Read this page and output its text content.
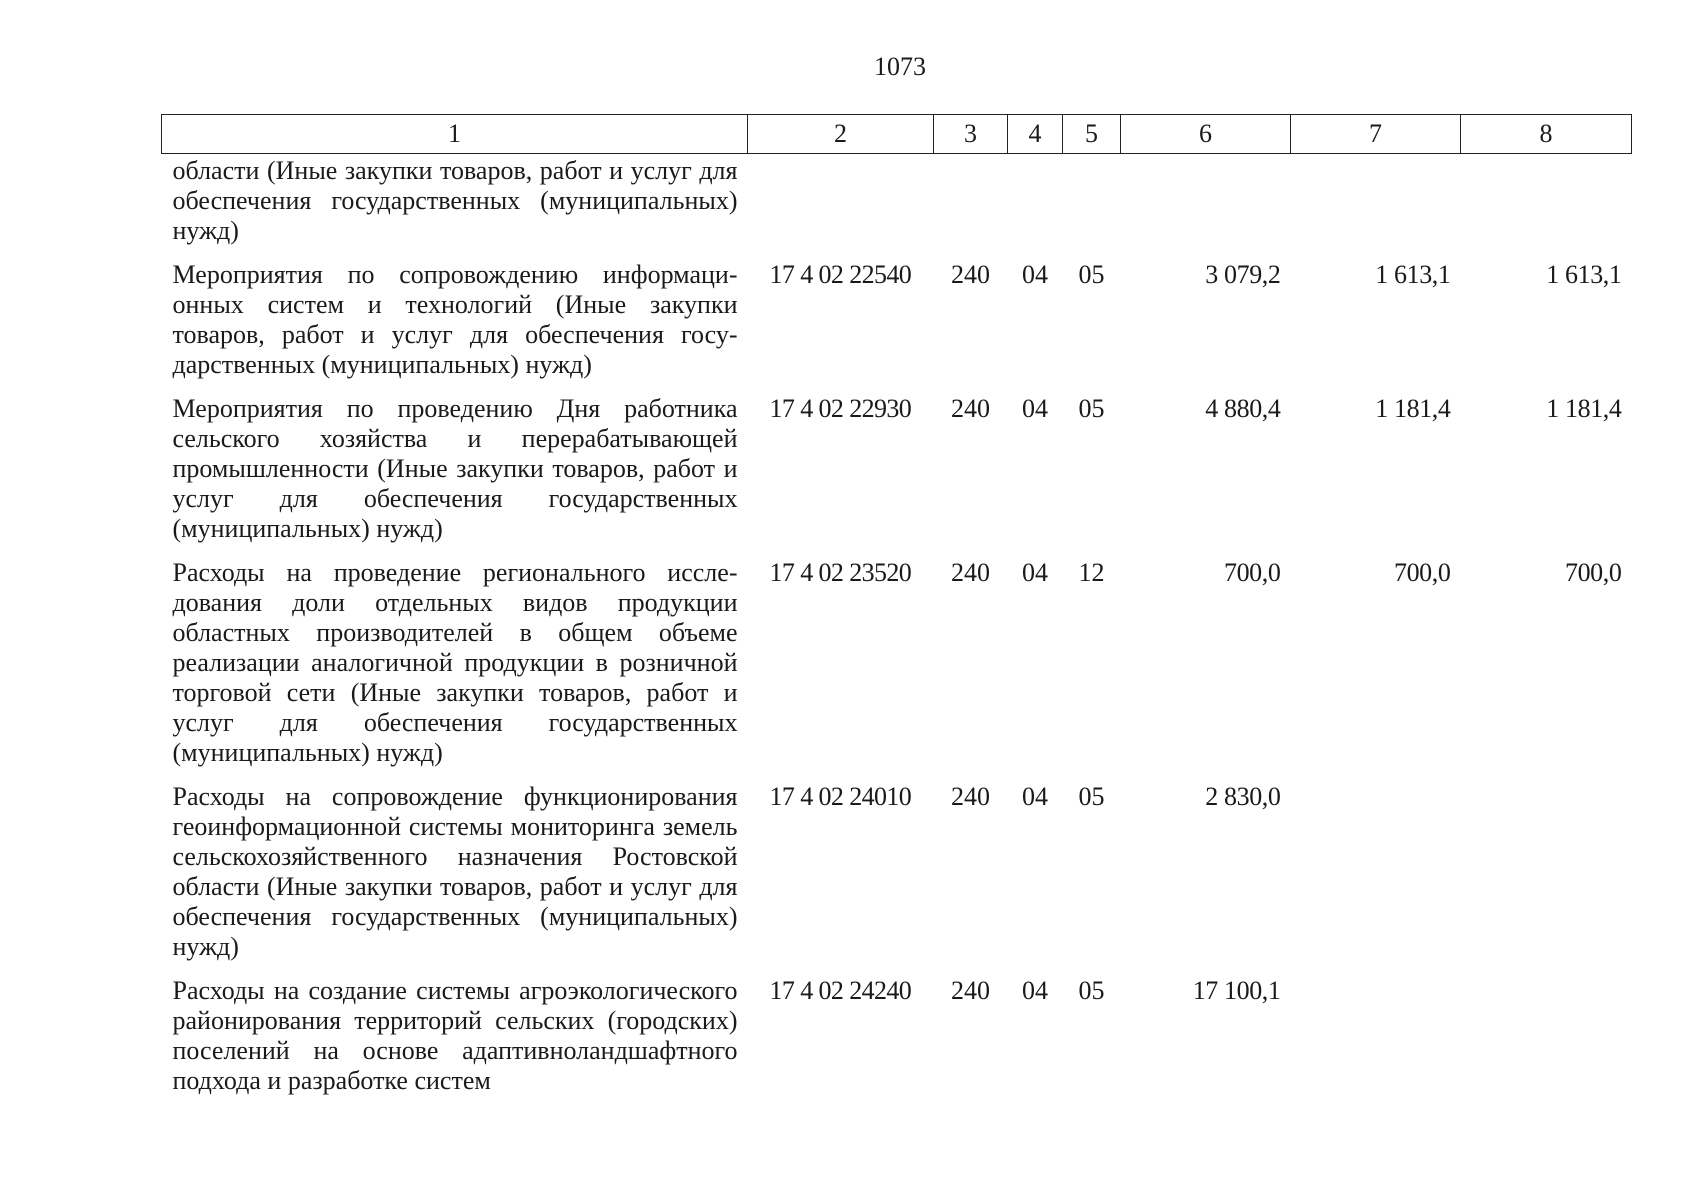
1073
1	2	3	4	5	6	7	8
области (Иные закупки товаров, работ и услуг для обеспечения государственных (муниципальных) нужд)							
Мероприятия по сопровождению информационных систем и технологий (Иные закупки товаров, работ и услуг для обеспечения государственных (муниципальных) нужд)	17 4 02 22540	240	04	05	3 079,2	1 613,1	1 613,1
Мероприятия по проведению Дня работника сельского хозяйства и перерабатывающей промышленности (Иные закупки товаров, работ и услуг для обеспечения государственных (муниципальных) нужд)	17 4 02 22930	240	04	05	4 880,4	1 181,4	1 181,4
Расходы на проведение регионального исследования доли отдельных видов продукции областных производителей в общем объеме реализации аналогичной продукции в розничной торговой сети (Иные закупки товаров, работ и услуг для обеспечения государственных (муниципальных) нужд)	17 4 02 23520	240	04	12	700,0	700,0	700,0
Расходы на сопровождение функционирования геоинформационной системы мониторинга земель сельскохозяйственного назначения Ростовской области (Иные закупки товаров, работ и услуг для обеспечения государственных (муниципальных) нужд)	17 4 02 24010	240	04	05	2 830,0		
Расходы на создание системы агроэкологического районирования территорий сельских (городских) поселений на основе адаптивноландшафтного подхода и разработке систем	17 4 02 24240	240	04	05	17 100,1		
